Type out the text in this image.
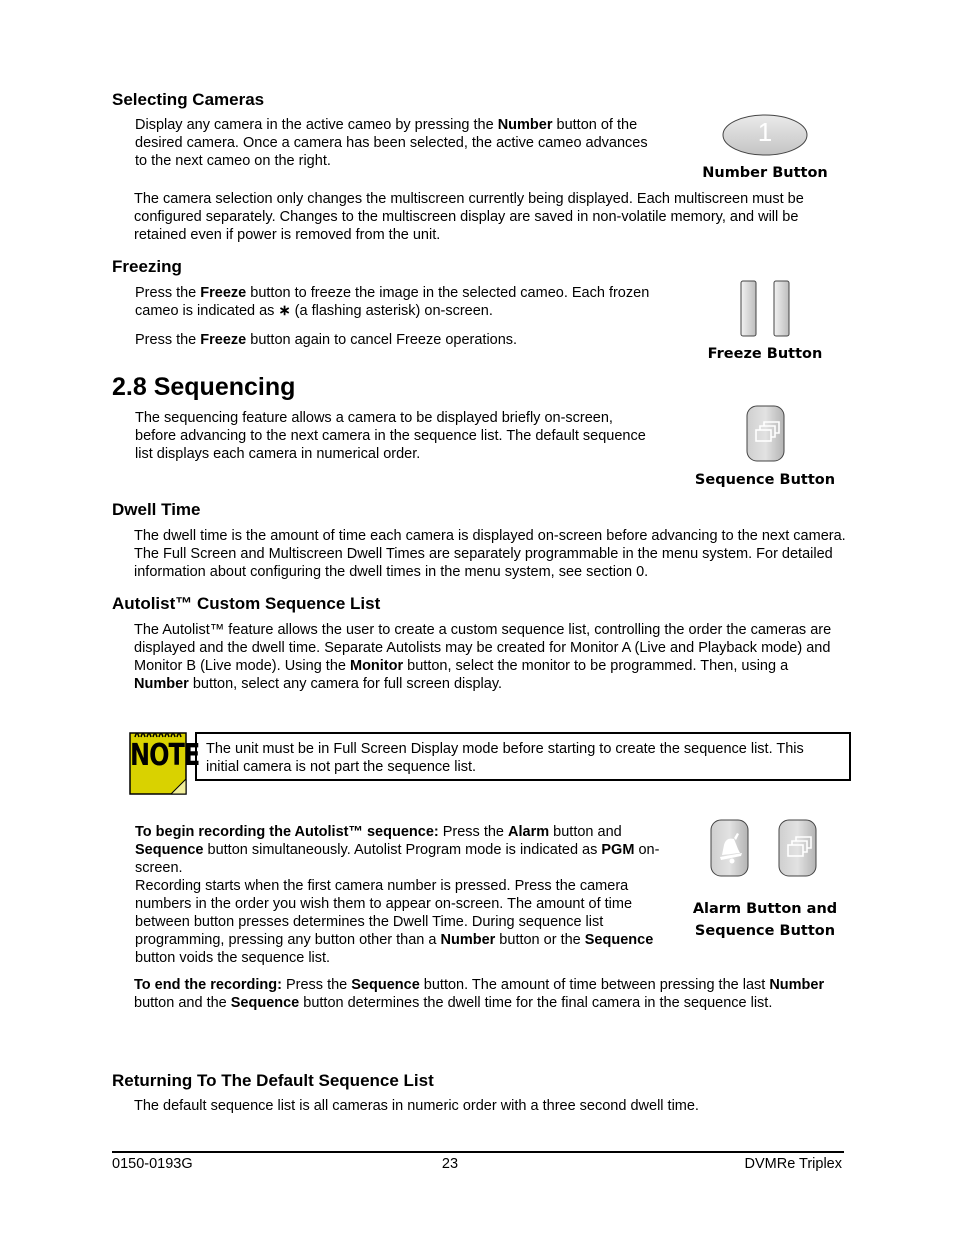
Selecting Cameras
Display any camera in the active cameo by pressing the Number button of the desired camera. Once a camera has been selected, the active cameo advances to the next cameo on the right.
1
Number Button
The camera selection only changes the multiscreen currently being displayed. Each multiscreen must be configured separately. Changes to the multiscreen display are saved in non-volatile memory, and will be retained even if power is removed from the unit.
Freezing
Press the Freeze button to freeze the image in the selected cameo. Each frozen cameo is indicated as ∗ (a flashing asterisk) on-screen.
Press the Freeze button again to cancel Freeze operations.
Freeze Button
2.8 Sequencing
The sequencing feature allows a camera to be displayed briefly on-screen, before advancing to the next camera in the sequence list. The default sequence list displays each camera in numerical order.
Sequence Button
Dwell Time
The dwell time is the amount of time each camera is displayed on-screen before advancing to the next camera. The Full Screen and Multiscreen Dwell Times are separately programmable in the menu system. For detailed information about configuring the dwell times in the menu system, see section 0.
Autolist™ Custom Sequence List
The Autolist™ feature allows the user to create a custom sequence list, controlling the order the cameras are displayed and the dwell time. Separate Autolists may be created for Monitor A (Live and Playback mode) and Monitor B (Live mode). Using the Monitor button, select the monitor to be programmed. Then, using a Number button, select any camera for full screen display.
NOTE The unit must be in Full Screen Display mode before starting to create the sequence list. This initial camera is not part the sequence list.
To begin recording the Autolist™ sequence: Press the Alarm button and Sequence button simultaneously. Autolist Program mode is indicated as PGM on-screen.
Recording starts when the first camera number is pressed. Press the camera numbers in the order you wish them to appear on-screen. The amount of time between button presses determines the Dwell Time. During sequence list programming, pressing any button other than a Number button or the Sequence button voids the sequence list.
Alarm Button and
Sequence Button
To end the recording: Press the Sequence button. The amount of time between pressing the last Number button and the Sequence button determines the dwell time for the final camera in the sequence list.
Returning To The Default Sequence List
The default sequence list is all cameras in numeric order with a three second dwell time.
0150-0193G	23	DVMRe Triplex
